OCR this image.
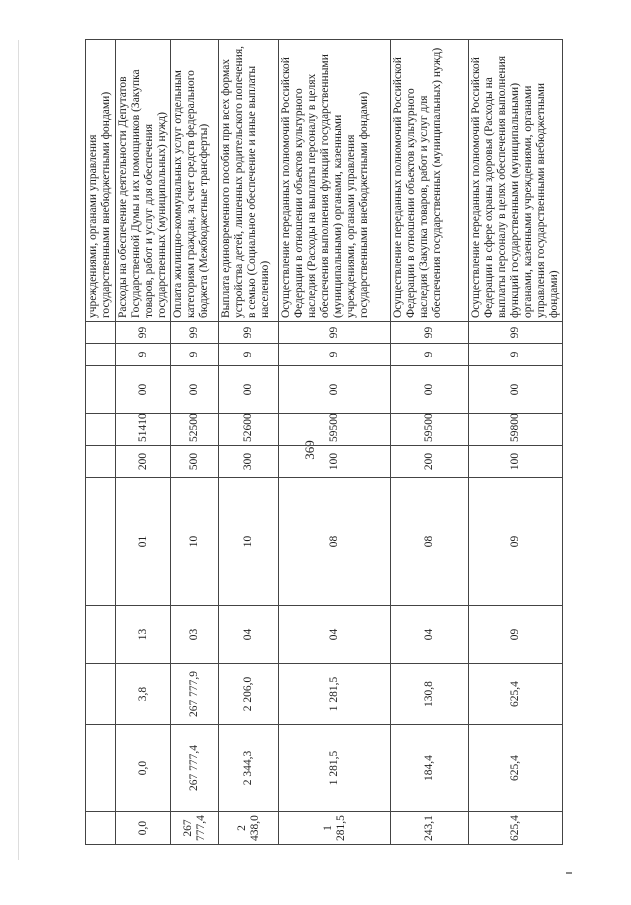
369
										учреждениями, органами управления государственными внебюджетными фондами)
0,0	0,0	3,8	13	01	200	51410	00	9	99	Расходы на обеспечение деятельности Депутатов Государственной Думы и их помощников (Закупка товаров, работ и услуг для обеспечения государственных (муниципальных) нужд)
267 777,4	267 777,4	267 777,9	03	10	500	52500	00	9	99	Оплата жилищно-коммунальных услуг отдельным категориям граждан, за счет средств федерального бюджета (Межбюджетные трансферты)
2 438,0	2 344,3	2 206,0	04	10	300	52600	00	9	99	Выплата единовременного пособия при всех формах устройства детей, лишенных родительского попечения, в семью (Социальное обеспечение и иные выплаты населению)
1 281,5	1 281,5	1 281,5	04	08	100	59500	00	9	99	Осуществление переданных полномочий Российской Федерации в отношении объектов культурного наследия (Расходы на выплаты персоналу в целях обеспечения выполнения функций государственными (муниципальными) органами, казенными учреждениями, органами управления государственными внебюджетными фондами)
243,1	184,4	130,8	04	08	200	59500	00	9	99	Осуществление переданных полномочий Российской Федерации в отношении объектов культурного наследия (Закупка товаров, работ и услуг для обеспечения государственных (муниципальных) нужд)
625,4	625,4	625,4	09	09	100	59800	00	9	99	Осуществление переданных полномочий Российской Федерации в сфере охраны здоровья (Расходы на выплаты персоналу в целях обеспечения выполнения функций государственными (муниципальными) органами, казенными учреждениями, органами управления государственными внебюджетными фондами)
